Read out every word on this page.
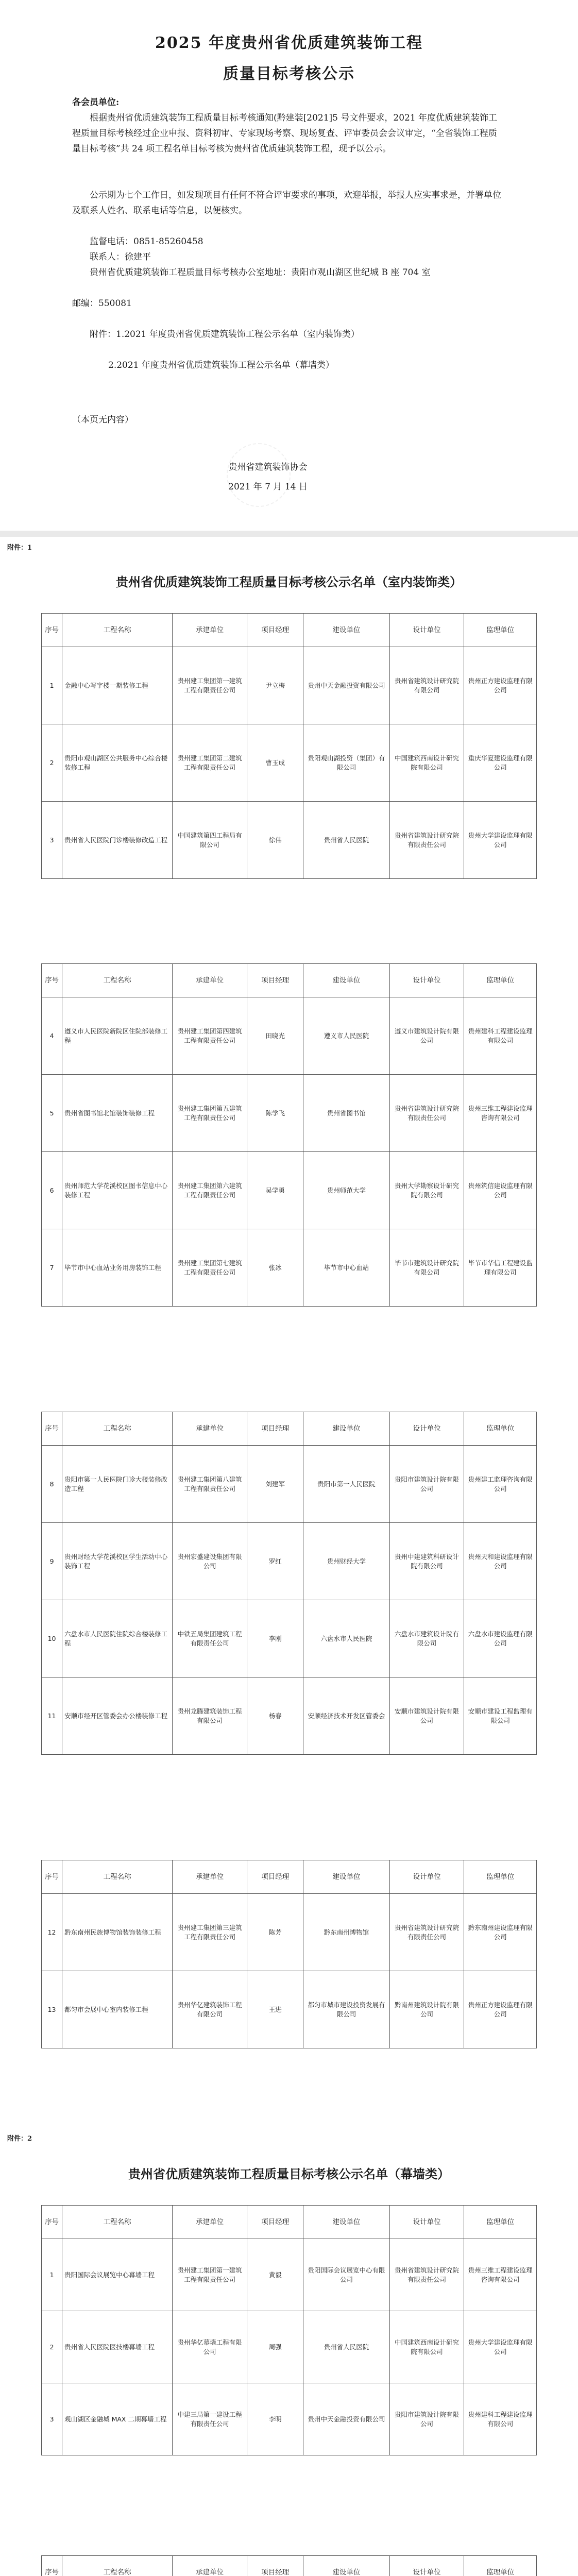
2025 年度贵州省优质建筑装饰工程
质量目标考核公示
各会员单位:
根据贵州省优质建筑装饰工程质量目标考核通知(黔建装[2021]5 号文件要求，2021 年度优质建筑装饰工程质量目标考核经过企业申报、资料初审、专家现场考察、现场复查、评审委员会会议审定，“全省装饰工程质量目标考核”共 24 项工程名单目标考核为贵州省优质建筑装饰工程，现予以公示。
公示期为七个工作日，如发现项目有任何不符合评审要求的事项，欢迎举报，举报人应实事求是，并署单位及联系人姓名、联系电话等信息，以便核实。
监督电话：0851-85260458
联系人：徐建平
贵州省优质建筑装饰工程质量目标考核办公室地址：贵阳市观山湖区世纪城 B 座 704 室
邮编：550081
附件：1.2021 年度贵州省优质建筑装饰工程公示名单（室内装饰类）
2.2021 年度贵州省优质建筑装饰工程公示名单（幕墙类）
（本页无内容）
贵州省建筑装饰协会
2021 年 7 月 14 日
附件：1
贵州省优质建筑装饰工程质量目标考核公示名单（室内装饰类）
序号	工程名称	承建单位	项目经理	建设单位	设计单位	监理单位
1	金融中心写字楼一期装修工程	贵州建工集团第一建筑工程有限责任公司	尹立梅	贵州中天金融投资有限公司	贵州省建筑设计研究院有限公司	贵州正方建设监理有限公司
2	贵阳市观山湖区公共服务中心综合楼装修工程	贵州建工集团第二建筑工程有限责任公司	曹玉成	贵阳观山湖投资（集团）有限公司	中国建筑西南设计研究院有限公司	重庆华夏建设监理有限公司
3	贵州省人民医院门诊楼装修改造工程	中国建筑第四工程局有限公司	徐伟	贵州省人民医院	贵州省建筑设计研究院有限责任公司	贵州大学建设监理有限公司
序号	工程名称	承建单位	项目经理	建设单位	设计单位	监理单位
4	遵义市人民医院新院区住院部装修工程	贵州建工集团第四建筑工程有限责任公司	田晓光	遵义市人民医院	遵义市建筑设计院有限公司	贵州建科工程建设监理有限公司
5	贵州省图书馆北馆装饰装修工程	贵州建工集团第五建筑工程有限责任公司	陈学飞	贵州省图书馆	贵州省建筑设计研究院有限责任公司	贵州三维工程建设监理咨询有限公司
6	贵州师范大学花溪校区图书信息中心装修工程	贵州建工集团第六建筑工程有限责任公司	吴学勇	贵州师范大学	贵州大学勘察设计研究院有限公司	贵州筑信建设监理有限公司
7	毕节市中心血站业务用房装饰工程	贵州建工集团第七建筑工程有限责任公司	张冰	毕节市中心血站	毕节市建筑设计研究院有限公司	毕节市华信工程建设监理有限公司
序号	工程名称	承建单位	项目经理	建设单位	设计单位	监理单位
8	贵阳市第一人民医院门诊大楼装修改造工程	贵州建工集团第八建筑工程有限责任公司	刘建军	贵阳市第一人民医院	贵阳市建筑设计院有限公司	贵州建工监理咨询有限公司
9	贵州财经大学花溪校区学生活动中心装饰工程	贵州宏盛建设集团有限公司	罗红	贵州财经大学	贵州中建建筑科研设计院有限公司	贵州天和建设监理有限公司
10	六盘水市人民医院住院综合楼装修工程	中铁五局集团建筑工程有限责任公司	李刚	六盘水市人民医院	六盘水市建筑设计院有限公司	六盘水市建设监理有限公司
11	安顺市经开区管委会办公楼装修工程	贵州龙腾建筑装饰工程有限公司	杨春	安顺经济技术开发区管委会	安顺市建筑设计院有限公司	安顺市建设工程监理有限公司
序号	工程名称	承建单位	项目经理	建设单位	设计单位	监理单位
12	黔东南州民族博物馆装饰装修工程	贵州建工集团第三建筑工程有限责任公司	陈芳	黔东南州博物馆	贵州省建筑设计研究院有限责任公司	黔东南州建设监理有限公司
13	都匀市会展中心室内装修工程	贵州华亿建筑装饰工程有限公司	王进	都匀市城市建设投资发展有限公司	黔南州建筑设计院有限公司	贵州正方建设监理有限公司
附件：2
贵州省优质建筑装饰工程质量目标考核公示名单（幕墙类）
序号	工程名称	承建单位	项目经理	建设单位	设计单位	监理单位
1	贵阳国际会议展览中心幕墙工程	贵州建工集团第一建筑工程有限责任公司	黄毅	贵阳国际会议展览中心有限公司	贵州省建筑设计研究院有限责任公司	贵州三维工程建设监理咨询有限公司
2	贵州省人民医院医技楼幕墙工程	贵州华亿幕墙工程有限公司	周强	贵州省人民医院	中国建筑西南设计研究院有限公司	贵州大学建设监理有限公司
3	观山湖区金融城 MAX 二期幕墙工程	中建三局第一建设工程有限责任公司	李明	贵州中天金融投资有限公司	贵阳市建筑设计院有限公司	贵州建科工程建设监理有限公司
序号	工程名称	承建单位	项目经理	建设单位	设计单位	监理单位
